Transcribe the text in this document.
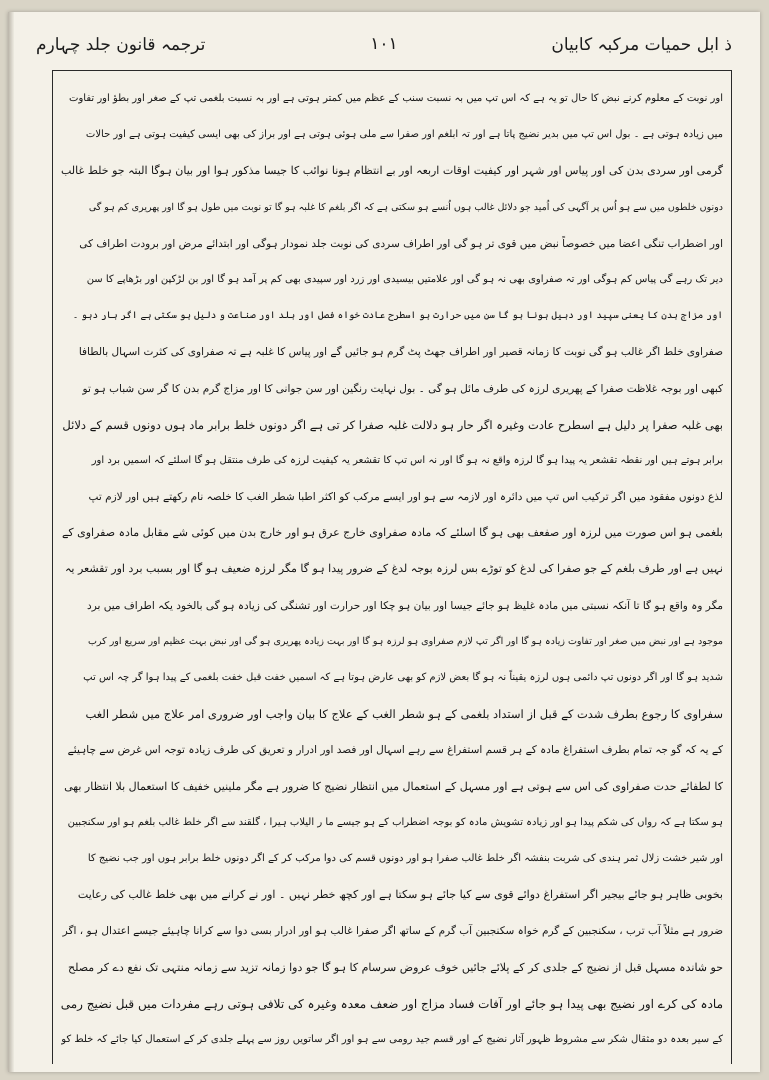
ذ ابل حمیات مرکبہ کابیان
۱۰۱
ترجمہ قانون جلد چہارم
اور نوبت کے معلوم کرنے نبض کا حال تو یہ ہے کہ اس تپ میں بہ نسبت سنب کے عظم میں کمتر ہوتی ہے اور بہ نسبت بلغمی تپ کے صغر اور بطؤ اور تفاوت
میں زیادہ ہوتی ہے ۔ بول اس تپ میں بدیر نضیج پاتا ہے اور تہ ابلغم اور صفرا سے ملی ہوئی ہوتی ہے اور براز کی بھی ایسی کیفیت ہوتی ہے اور حالات
گرمی اور سردی بدن کی اور پیاس اور شہر اور کیفیت اوقات اربعہ اور بے انتظام ہونا نوائب کا جیسا مذکور ہوا اور بیان ہوگا البتہ جو خلط غالب
دونوں خلطوں میں سے ہو اُس پر آگہی کی اُمید جو دلائل غالب ہوں اُنسے ہو سکتی ہے کہ اگر بلغم کا غلبہ ہو گا تو نوبت میں طول ہو گا اور پھریری کم ہو گی
اور اضطراب تنگی اعضا میں خصوصاً نبض میں قوی تر ہو گی اور اطراف سردی کی نوبت جلد نمودار ہوگی اور ابتدائے مرض اور برودت اطراف کی
دیر تک رہے گی پیاس کم ہوگی اور تہ صفراوی بھی نہ ہو گی اور علامتیں بیسیدی اور زرد اور سپیدی بھی کم پر آمد ہو گا اور بن لڑکپن اور بڑھاپے کا سن
اور مزاج بدن کا یعنی سپید اور دبیل ہونا ہو گا سن میں حرارت ہو اسطرح عادت خواہ فصل اور بلد اور صناعت و دلیل ہو سکتی ہے اگر بار دہو ۔
صفراوی خلط اگر غالب ہو گی نوبت کا زمانہ قصیر اور اطراف جھٹ پٹ گرم ہو جائیں گے اور پیاس کا غلبہ ہے تہ صفراوی کی کثرت اسہال بالطافا
کبھی اور بوجہ غلاظت صفرا کے پھریری لرزہ کی طرف مائل ہو گی ۔ بول نہایت رنگین اور سن جوانی کا اور مزاج گرم بدن کا گر سن شباب ہو تو
بھی غلبہ صفرا پر دلیل ہے اسطرح عادت وغیرہ اگر حار ہو دلالت غلبہ صفرا کر تی ہے اگر دونوں خلط برابر ماد ہوں دونوں قسم کے دلائل
برابر ہوتے ہیں اور نقطہ تقشعر یہ پیدا ہو گا لرزہ واقع نہ ہو گا اور نہ اس تپ کا تقشعر یہ کیفیت لرزہ کی طرف منتقل ہو گا اسلئے کہ اسمیں برد اور
لذع دونوں مفقود میں اگر ترکیب اس تپ میں دائرہ اور لازمہ سے ہو اور ایسے مرکب کو اکثر اطبا شطر الغب کا خلصہ نام رکھتے ہیں اور لازم تپ
بلغمی ہو اس صورت میں لرزہ اور صفعف بھی ہو گا اسلئے کہ مادہ صفراوی خارج عرق ہو اور خارج بدن میں کوئی شے مقابل مادہ صفراوی کے
نہیں ہے اور طرف بلغم کے جو صفرا کی لدغ کو توڑے بس لرزہ بوجہ لدغ کے ضرور پیدا ہو گا مگر لرزہ ضعیف ہو گا اور بسبب برد اور تقشعر یہ
مگر وہ واقع ہو گا تا آنکہ نسبتی میں مادہ غلیظ ہو جائے جیسا اور بیان ہو چکا اور حرارت اور تشنگی کی زیادہ ہو گی بالخود یکہ اطراف میں برد
موجود ہے اور نبض میں صغر اور تفاوت زیادہ ہو گا اور اگر تپ لازم صفراوی ہو لرزہ ہو گا اور بہت زیادہ پھریری ہو گی اور نبض بہت عظیم اور سریع اور کرب
شدید ہو گا اور اگر دونوں تپ دائمی ہوں لرزہ یقیناً نہ ہو گا بعض لازم کو بھی عارض ہوتا ہے کہ اسمیں خفت قبل خفت بلغمی کے پیدا ہوا گر چہ اس تپ
سفراوی کا رجوع بطرف شدت کے قبل از استداد بلغمی کے ہو شطر الغب کے علاج کا بیان واجب اور ضروری امر علاج میں شطر الغب
کے یہ کہ گو جہ تمام بطرف استفراغ مادہ کے ہر قسم استفراغ سے رہے اسہال اور فصد اور ادرار و تعریق کی طرف زیادہ توجہ اس غرض سے چاہیئے
کا لطفائے حدت صفراوی کی اس سے ہوتی ہے اور مسہل کے استعمال میں انتظار نضیج کا ضرور ہے مگر ملینیں خفیف کا استعمال بلا انتظار بھی
ہو سکتا ہے کہ رواں کی شکم پیدا ہو اور زیادہ تشویش مادہ کو بوجہ اضطراب کے ہو جیسے ما ر الیلاب ہیرا ، گلقند سے اگر خلط غالب بلغم ہو اور سکنجبین
اور شیر خشت زلال ثمر ہندی کی شربت بنفشہ اگر خلط غالب صفرا ہو اور دونوں قسم کی دوا مرکب کر کے اگر دونوں خلط برابر ہوں اور جب نضیج کا
بخوبی ظاہر ہو جائے بیجیر اگر استفراغ دوائے قوی سے کیا جائے ہو سکتا ہے اور کچھ خطر نہیں ۔ اور نے کرانے میں بھی خلط غالب کی رعایت
ضرور ہے مثلاً آب ترب ، سکنجبین کے گرم خواہ سکنجبین آب گرم کے ساتھ اگر صفرا غالب ہو اور ادرار بسی دوا سے کرانا چاہیئے جیسے اعتدال ہو ، اگر
حو شاندہ مسہل قبل از نضیج کے جلدی کر کے پلائے جائیں خوف عروض سرسام کا ہو گا جو دوا زمانہ تزید سے زمانہ منتہی تک نفع دے کر مصلح
مادہ کی کرے اور نضیج بھی پیدا ہو جائے اور آفات فساد مزاج اور ضعف معدہ وغیرہ کی تلافی ہوتی رہے مفردات میں قبل نضیج رمی
کے سیر بعدہ دو مثقال شکر سے مشروط ظہور آثار نضیج کے اور قسم جید رومی سے ہو اور اگر ساتویں روز سے پہلے جلدی کر کے استعمال کیا جائے کہ خلط کو
